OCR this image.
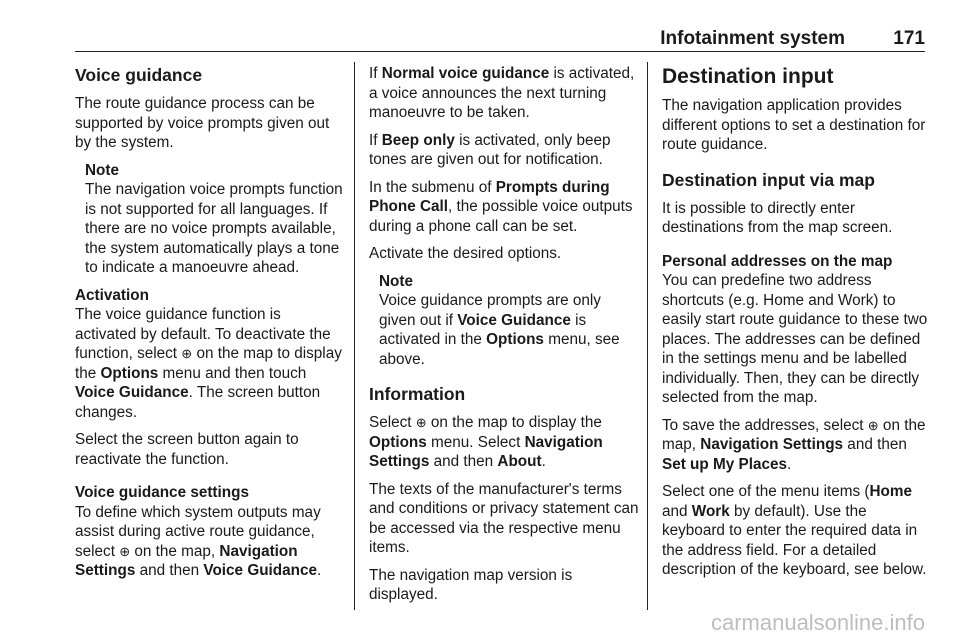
Infotainment system	171
Voice guidance

The route guidance process can be supported by voice prompts given out by the system.

Note
The navigation voice prompts function is not supported for all languages. If there are no voice prompts available, the system automatically plays a tone to indicate a manoeuvre ahead.
Activation

The voice guidance function is activated by default. To deactivate the function, select ⊕ on the map to display the Options menu and then touch Voice Guidance. The screen button changes.

Select the screen button again to reactivate the function.

Voice guidance settings

To define which system outputs may assist during active route guidance, select ⊕ on the map, Navigation Settings and then Voice Guidance.

If Normal voice guidance is activated, a voice announces the next turning manoeuvre to be taken.

If Beep only is activated, only beep tones are given out for notification.

In the submenu of Prompts during Phone Call, the possible voice outputs during a phone call can be set.

Activate the desired options.

Note
Voice guidance prompts are only given out if Voice Guidance is activated in the Options menu, see above.
Information

Select ⊕ on the map to display the Options menu. Select Navigation Settings and then About.

The texts of the manufacturer's terms and conditions or privacy statement can be accessed via the respective menu items.

The navigation map version is displayed.

Destination input

The navigation application provides different options to set a destination for route guidance.

Destination input via map

It is possible to directly enter destinations from the map screen.

Personal addresses on the map

You can predefine two address shortcuts (e.g. Home and Work) to easily start route guidance to these two places. The addresses can be defined in the settings menu and be labelled individually. Then, they can be directly selected from the map.

To save the addresses, select ⊕ on the map, Navigation Settings and then Set up My Places.

Select one of the menu items (Home and Work by default). Use the keyboard to enter the required data in the address field. For a detailed description of the keyboard, see below.

carmanualsonline.info
